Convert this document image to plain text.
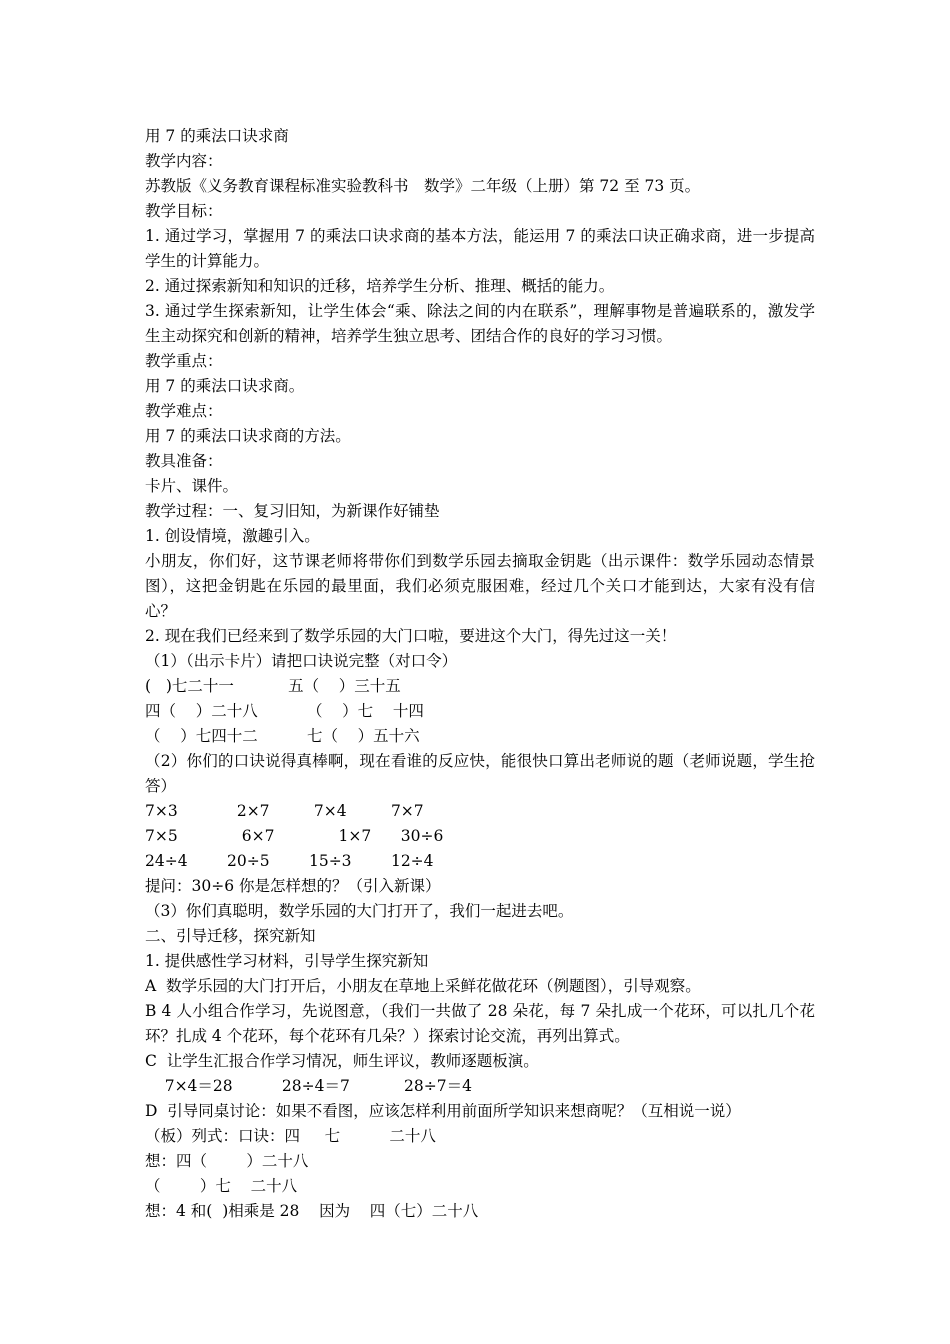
用 7 的乘法口诀求商

教学内容：

苏教版《义务教育课程标准实验教科书　数学》二年级（上册）第 72 至 73 页。

教学目标：

1. 通过学习，掌握用 7 的乘法口诀求商的基本方法，能运用 7 的乘法口诀正确求商，进一步提高学生的计算能力。

2. 通过探索新知和知识的迁移，培养学生分析、推理、概括的能力。

3. 通过学生探索新知，让学生体会“乘、除法之间的内在联系”，理解事物是普遍联系的，激发学生主动探究和创新的精神，培养学生独立思考、团结合作的良好的学习习惯。

教学重点：

用 7 的乘法口诀求商。

教学难点：

用 7 的乘法口诀求商的方法。

教具准备：

卡片、课件。

教学过程：一、复习旧知，为新课作好铺垫

1. 创设情境，激趣引入。

小朋友，你们好，这节课老师将带你们到数学乐园去摘取金钥匙（出示课件：数学乐园动态情景图），这把金钥匙在乐园的最里面，我们必须克服困难，经过几个关口才能到达，大家有没有信心？

2. 现在我们已经来到了数学乐园的大门口啦，要进这个大门，得先过这一关！

（1）（出示卡片）请把口诀说完整（对口令）

(   )七二十一           五（    ）三十五

四（    ）二十八          （    ）七    十四

（    ）七四十二          七（    ）五十六

（2）你们的口诀说得真棒啊，现在看谁的反应快，能很快口算出老师说的题（老师说题，学生抢答）

7×3            2×7         7×4         7×7

7×5             6×7             1×7      30÷6

24÷4        20÷5        15÷3        12÷4

提问：30÷6 你是怎样想的？（引入新课）

（3）你们真聪明，数学乐园的大门打开了，我们一起进去吧。

二、引导迁移，探究新知

1. 提供感性学习材料，引导学生探究新知

A  数学乐园的大门打开后，小朋友在草地上采鲜花做花环（例题图），引导观察。

B 4 人小组合作学习，先说图意，（我们一共做了 28 朵花，每 7 朵扎成一个花环，可以扎几个花环？扎成 4 个花环，每个花环有几朵？）探索讨论交流，再列出算式。

C  让学生汇报合作学习情况，师生评议，教师逐题板演。

7×4＝28          28÷4＝7           28÷7＝4

D  引导同桌讨论：如果不看图，应该怎样利用前面所学知识来想商呢？（互相说一说）

（板）列式：口诀：四     七          二十八

想：四（        ）二十八

（        ）七    二十八

想：4 和(  )相乘是 28    因为    四（七）二十八
